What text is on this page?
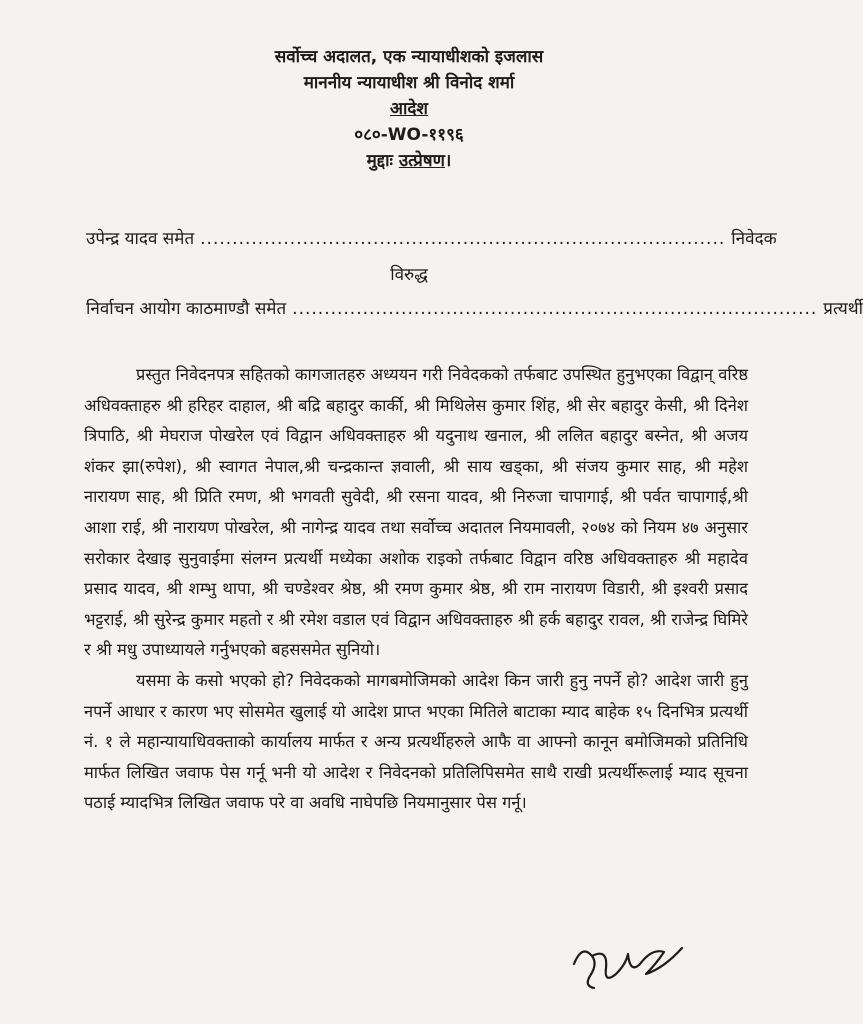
सर्वोच्च अदालत, एक न्यायाधीशको इजलास
माननीय न्यायाधीश श्री विनोद शर्मा
आदेश
०८०-WO-११९६
मुद्दाः उत्प्रेषण।
उपेन्द्र यादव समेत .................................................................................. निवेदक
विरुद्ध
निर्वाचन आयोग काठमाण्डौ समेत .................................................................................. प्रत्यर्थी

प्रस्तुत निवेदनपत्र सहितको कागजातहरु अध्ययन गरी निवेदकको तर्फबाट उपस्थित हुनुभएका विद्वान् वरिष्ठ अधिवक्ताहरु श्री हरिहर दाहाल, श्री बद्रि बहादुर कार्की, श्री मिथिलेस कुमार शिंह, श्री सेर बहादुर केसी, श्री दिनेश त्रिपाठि, श्री मेघराज पोखरेल एवं विद्वान अधिवक्ताहरु श्री यदुनाथ खनाल, श्री ललित बहादुर बस्नेत, श्री अजय शंकर झा(रुपेश), श्री स्वागत नेपाल,श्री चन्द्रकान्त ज्ञवाली, श्री साय खड्का, श्री संजय कुमार साह, श्री महेश नारायण साह, श्री प्रिति रमण, श्री भगवती सुवेदी, श्री रसना यादव, श्री निरुजा चापागाई, श्री पर्वत चापागाई,श्री आशा राई, श्री नारायण पोखरेल, श्री नागेन्द्र यादव तथा सर्वोच्च अदातल नियमावली, २०७४ को नियम ४७ अनुसार सरोकार देखाइ सुनुवाईमा संलग्न प्रत्यर्थी मध्येका अशोक राइको तर्फबाट विद्वान वरिष्ठ अधिवक्ताहरु श्री महादेव प्रसाद यादव, श्री शम्भु थापा, श्री चण्डेश्वर श्रेष्ठ, श्री रमण कुमार श्रेष्ठ, श्री राम नारायण विडारी, श्री इश्वरी प्रसाद भट्टराई, श्री सुरेन्द्र कुमार महतो र श्री रमेश वडाल एवं विद्वान अधिवक्ताहरु श्री हर्क बहादुर रावल, श्री राजेन्द्र घिमिरे र श्री मधु उपाध्यायले गर्नुभएको बहससमेत सुनियो।

यसमा के कसो भएको हो? निवेदकको मागबमोजिमको आदेश किन जारी हुनु नपर्ने हो? आदेश जारी हुनु नपर्ने आधार र कारण भए सोसमेत खुलाई यो आदेश प्राप्त भएका मितिले बाटाका म्याद बाहेक १५ दिनभित्र प्रत्यर्थी नं. १ ले महान्यायाधिवक्ताको कार्यालय मार्फत र अन्य प्रत्यर्थीहरुले आफै वा आफ्नो कानून बमोजिमको प्रतिनिधि मार्फत लिखित जवाफ पेस गर्नू भनी यो आदेश र निवेदनको प्रतिलिपिसमेत साथै राखी प्रत्यर्थीरूलाई म्याद सूचना पठाई म्यादभित्र लिखित जवाफ परे वा अवधि नाघेपछि नियमानुसार पेस गर्नू।
